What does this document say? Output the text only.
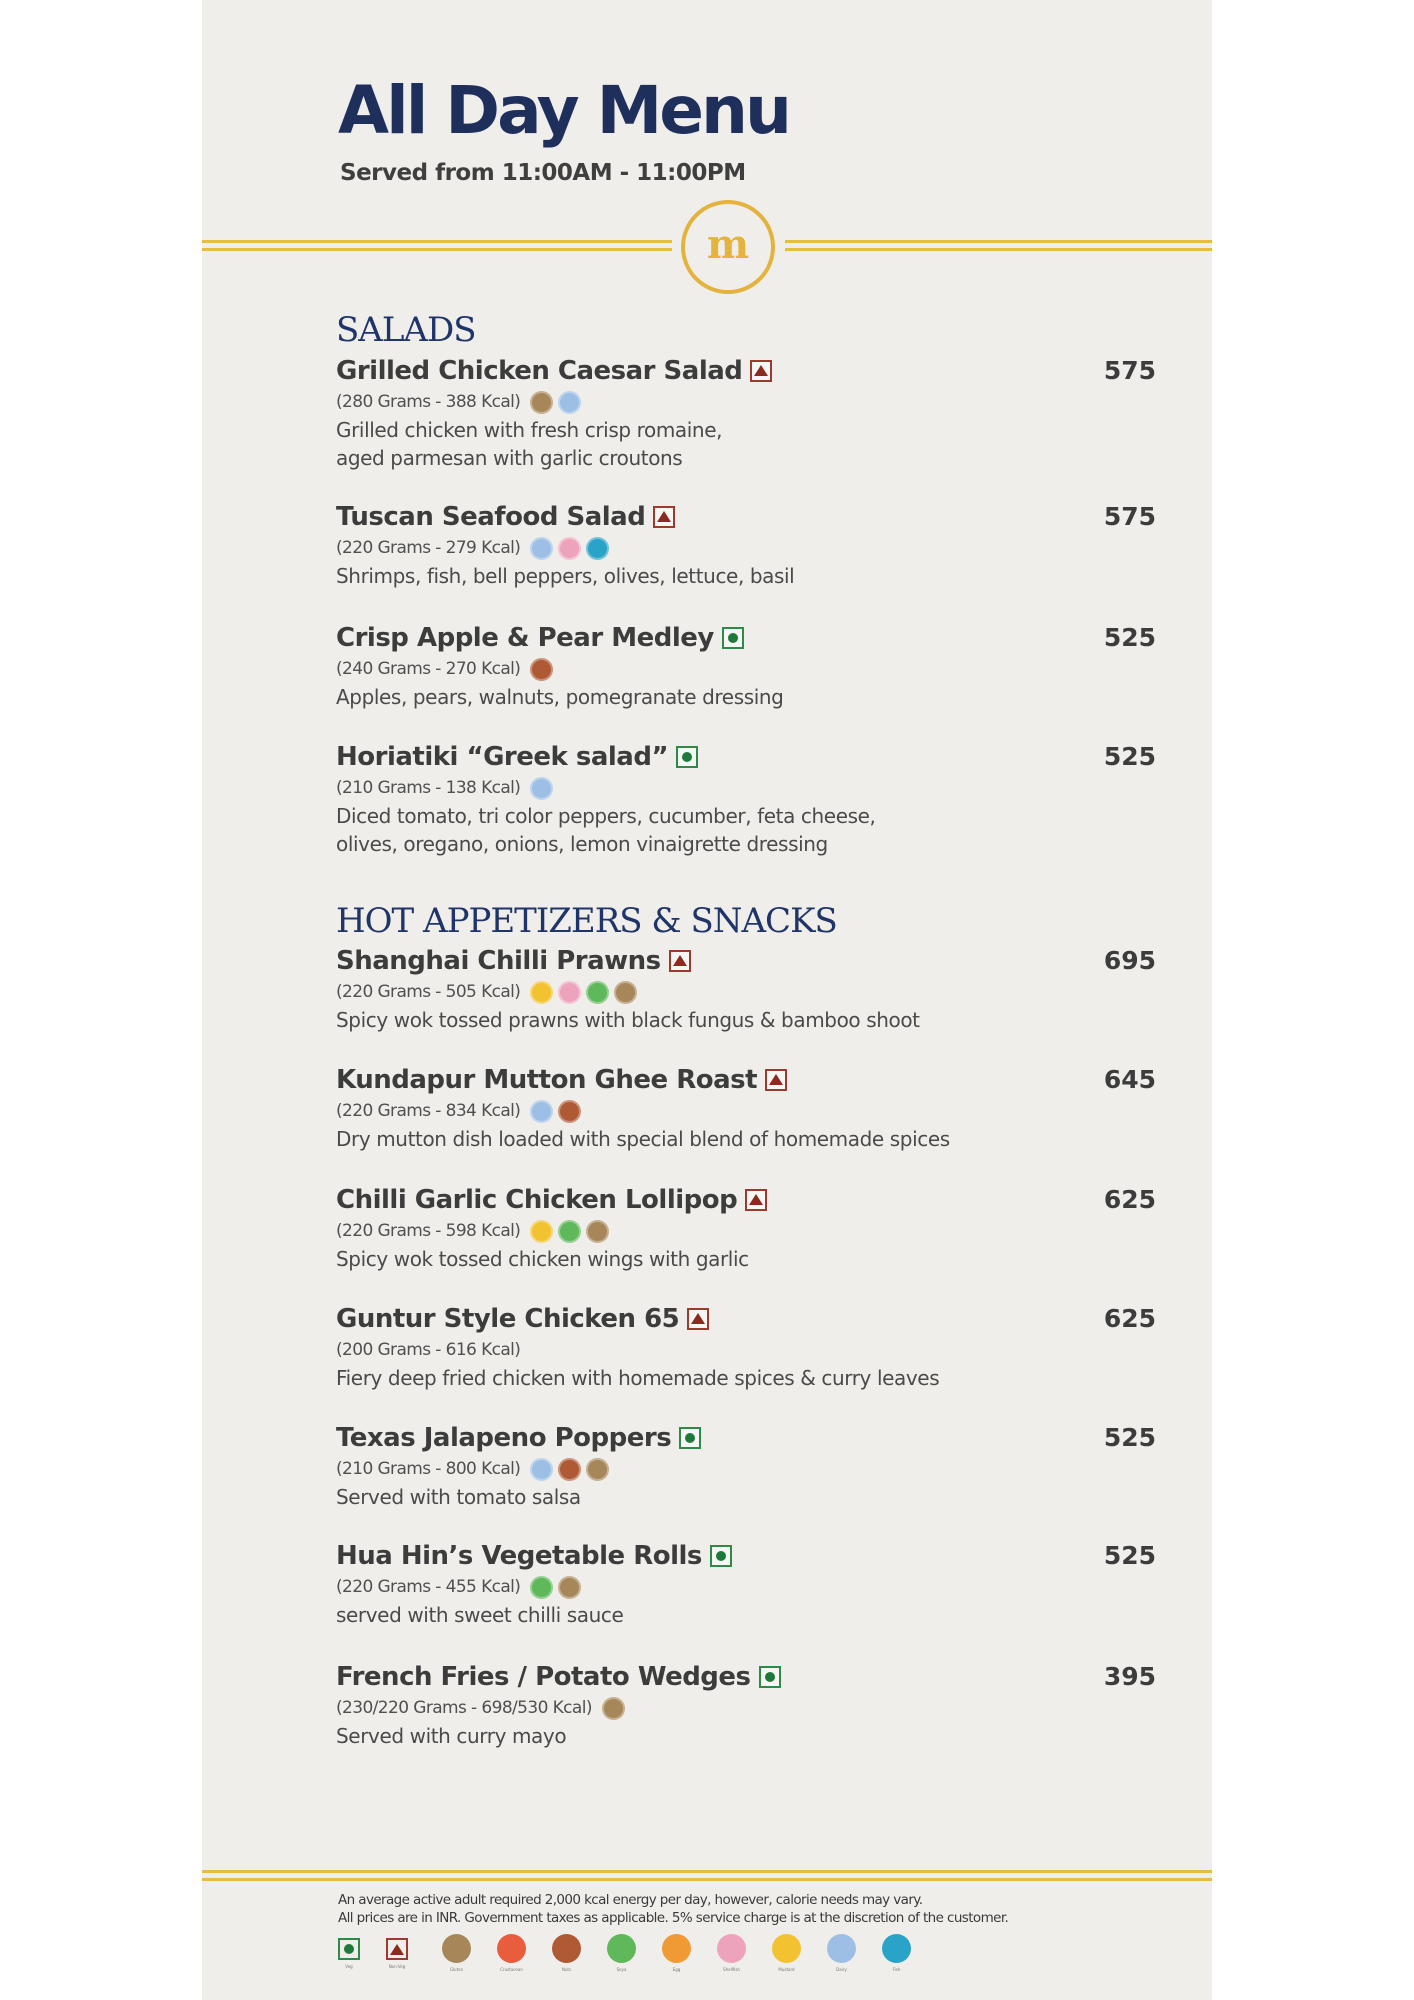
All Day Menu
Served from 11:00AM - 11:00PM
m
SALADS
HOT APPETIZERS & SNACKS
Grilled Chicken Caesar Salad	575
(280 Grams - 388 Kcal)
Grilled chicken with fresh crisp romaine,
aged parmesan with garlic croutons
Tuscan Seafood Salad	575
(220 Grams - 279 Kcal)
Shrimps, fish, bell peppers, olives, lettuce, basil
Crisp Apple & Pear Medley	525
(240 Grams - 270 Kcal)
Apples, pears, walnuts, pomegranate dressing
Horiatiki “Greek salad”	525
(210 Grams - 138 Kcal)
Diced tomato, tri color peppers, cucumber, feta cheese,
olives, oregano, onions, lemon vinaigrette dressing
Shanghai Chilli Prawns	695
(220 Grams - 505 Kcal)
Spicy wok tossed prawns with black fungus & bamboo shoot
Kundapur Mutton Ghee Roast	645
(220 Grams - 834 Kcal)
Dry mutton dish loaded with special blend of homemade spices
Chilli Garlic Chicken Lollipop	625
(220 Grams - 598 Kcal)
Spicy wok tossed chicken wings with garlic
Guntur Style Chicken 65	625
(200 Grams - 616 Kcal)
Fiery deep fried chicken with homemade spices & curry leaves
Texas Jalapeno Poppers	525
(210 Grams - 800 Kcal)
Served with tomato salsa
Hua Hin’s Vegetable Rolls	525
(220 Grams - 455 Kcal)
served with sweet chilli sauce
French Fries / Potato Wedges	395
(230/220 Grams - 698/530 Kcal)
Served with curry mayo
An average active adult required 2,000 kcal energy per day, however, calorie needs may vary.
All prices are in INR. Government taxes as applicable. 5% service charge is at the discretion of the customer.
Veg	Non-Veg
Gluten	Crustacean	Nuts	Soya	Egg	Shellfish	Mustard	Dairy	Fish
